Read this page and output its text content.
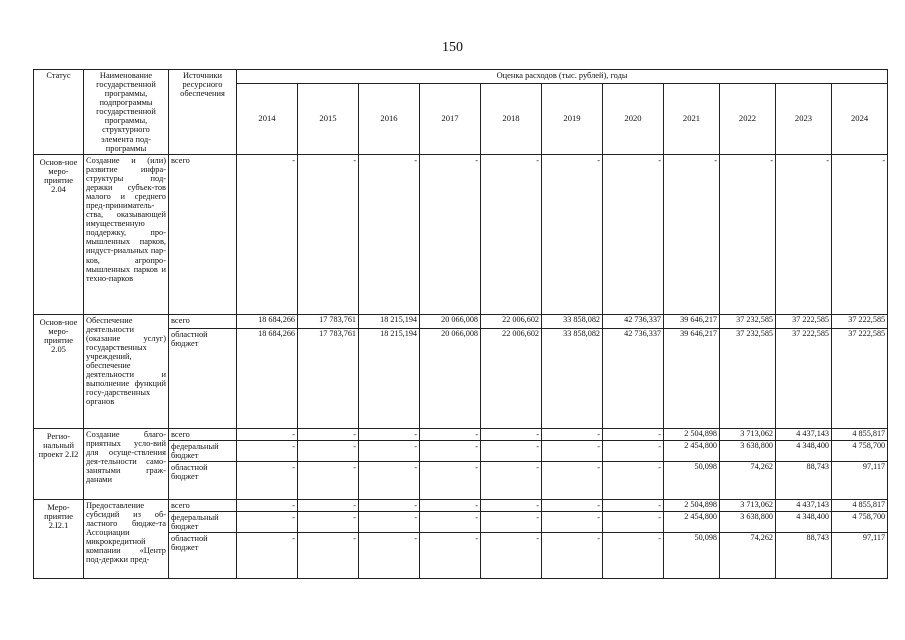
150
Статус	Наименование государственной программы, подпрограммы государственной программы, структурного элемента под-программы	Источники ресурсного обеспечения	Оценка расходов (тыс. рублей), годы										
			2014	2015	2016	2017	2018	2019	2020	2021	2022	2023	2024
Основ-ное меро-приятие 2.04	Создание и (или) развитие инфра-структуры под-держки субъек-тов малого и среднего пред-приниматель-ства, оказывающей имущественную поддержку, про-мышленных парков, индуст-риальных пар-ков, агропро-мышленных парков и техно-парков	всего	-	-	-	-	-	-	-	-	-	-	-
Основ-ное меро-приятие 2.05	Обеспечение деятельности (оказание услуг) государственных учреждений, обеспечение деятельности и выполнение функций госу-дарственных органов	всего	18 684,266	17 783,761	18 215,194	20 066,008	22 006,602	33 858,082	42 736,337	39 646,217	37 232,585	37 222,585	37 222,585
		областной бюджет	18 684,266	17 783,761	18 215,194	20 066,008	22 006,602	33 858,082	42 736,337	39 646,217	37 232,585	37 222,585	37 222,585
Регио-нальный проект 2.I2	Создание благо-приятных усло-вий для осуще-ствления дея-тельности само-занятыми граж-данами	всего	-	-	-	-	-	-	-	2 504,898	3 713,062	4 437,143	4 855,817
		федеральный бюджет	-	-	-	-	-	-	-	2 454,800	3 638,800	4 348,400	4 758,700
		областной бюджет	-	-	-	-	-	-	-	50,098	74,262	88,743	97,117
Меро-приятие 2.I2.1	Предоставление субсидий из об-ластного бюдже-та Ассоциации микрокредитной компании «Центр под-держки пред-	всего	-	-	-	-	-	-	-	2 504,898	3 713,062	4 437,143	4 855,817
		федеральный бюджет	-	-	-	-	-	-	-	2 454,800	3 638,800	4 348,400	4 758,700
		областной бюджет	-	-	-	-	-	-	-	50,098	74,262	88,743	97,117
